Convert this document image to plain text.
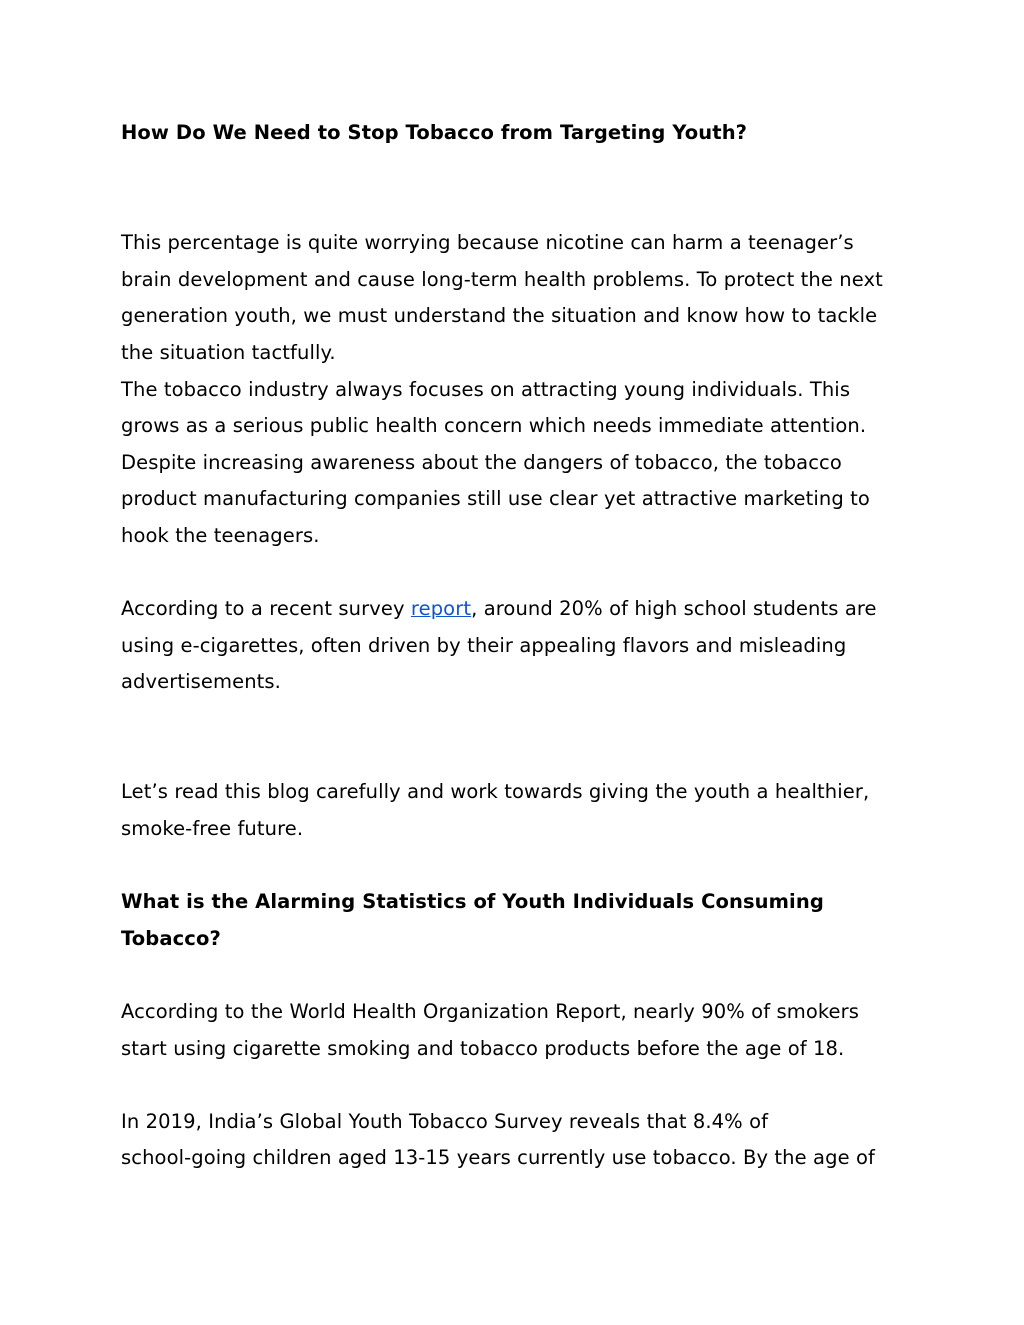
How Do We Need to Stop Tobacco from Targeting Youth?
This percentage is quite worrying because nicotine can harm a teenager’s
brain development and cause long-term health problems. To protect the next
generation youth, we must understand the situation and know how to tackle
the situation tactfully.
The tobacco industry always focuses on attracting young individuals. This
grows as a serious public health concern which needs immediate attention.
Despite increasing awareness about the dangers of tobacco, the tobacco
product manufacturing companies still use clear yet attractive marketing to
hook the teenagers.
According to a recent survey report, around 20% of high school students are
using e-cigarettes, often driven by their appealing flavors and misleading
advertisements.
Let’s read this blog carefully and work towards giving the youth a healthier,
smoke-free future.
What is the Alarming Statistics of Youth Individuals Consuming
Tobacco?
According to the World Health Organization Report, nearly 90% of smokers
start using cigarette smoking and tobacco products before the age of 18.
In 2019, India’s Global Youth Tobacco Survey reveals that 8.4% of
school-going children aged 13-15 years currently use tobacco. By the age of
